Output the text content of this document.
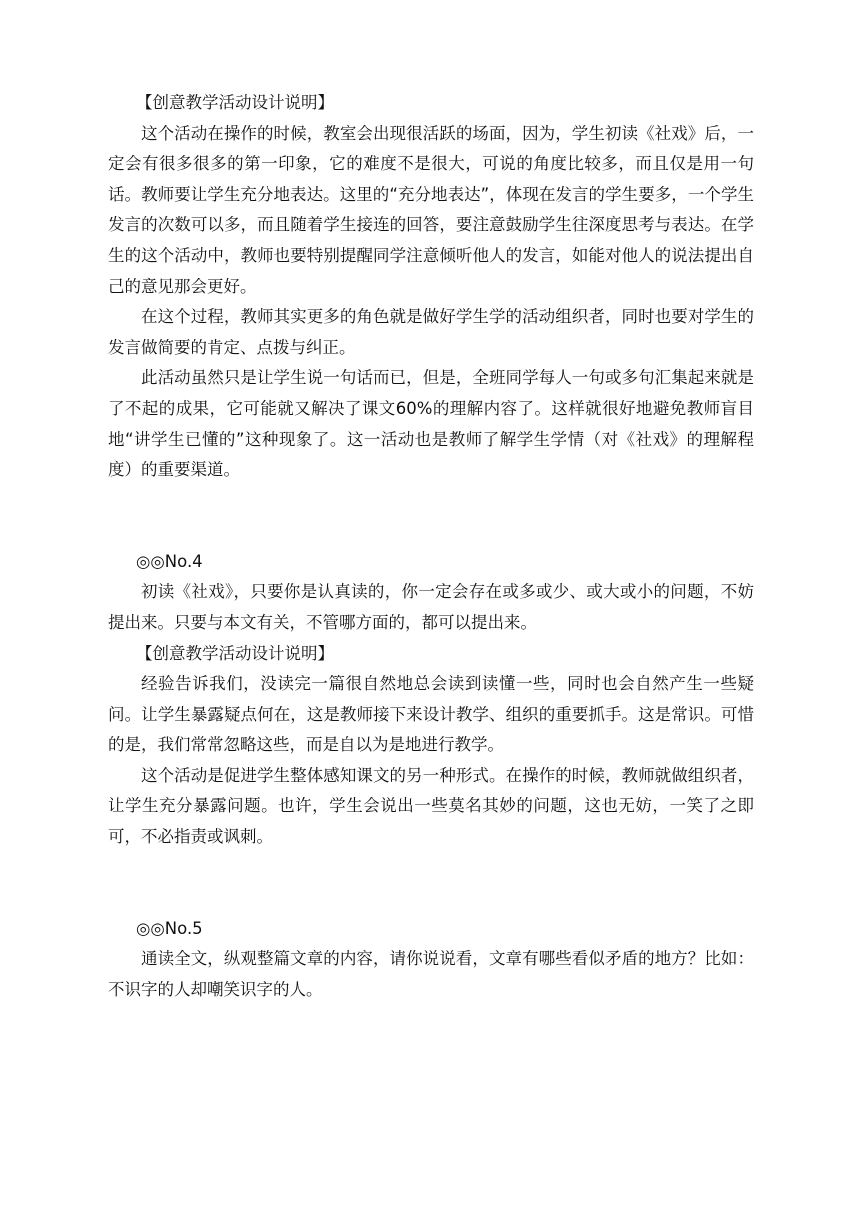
【创意教学活动设计说明】

这个活动在操作的时候，教室会出现很活跃的场面，因为，学生初读《社戏》后，一定会有很多很多的第一印象，它的难度不是很大，可说的角度比较多，而且仅是用一句话。教师要让学生充分地表达。这里的“充分地表达”，体现在发言的学生要多，一个学生发言的次数可以多，而且随着学生接连的回答，要注意鼓励学生往深度思考与表达。在学生的这个活动中，教师也要特别提醒同学注意倾听他人的发言，如能对他人的说法提出自己的意见那会更好。

在这个过程，教师其实更多的角色就是做好学生学的活动组织者，同时也要对学生的发言做简要的肯定、点拨与纠正。

此活动虽然只是让学生说一句话而已，但是，全班同学每人一句或多句汇集起来就是了不起的成果，它可能就又解决了课文60%的理解内容了。这样就很好地避免教师盲目地“讲学生已懂的”这种现象了。这一活动也是教师了解学生学情（对《社戏》的理解程度）的重要渠道。

◎◎No.4

初读《社戏》，只要你是认真读的，你一定会存在或多或少、或大或小的问题，不妨提出来。只要与本文有关，不管哪方面的，都可以提出来。

【创意教学活动设计说明】

经验告诉我们，没读完一篇很自然地总会读到读懂一些，同时也会自然产生一些疑问。让学生暴露疑点何在，这是教师接下来设计教学、组织的重要抓手。这是常识。可惜的是，我们常常忽略这些，而是自以为是地进行教学。

这个活动是促进学生整体感知课文的另一种形式。在操作的时候，教师就做组织者，让学生充分暴露问题。也许，学生会说出一些莫名其妙的问题，这也无妨，一笑了之即可，不必指责或讽刺。

◎◎No.5

通读全文，纵观整篇文章的内容，请你说说看，文章有哪些看似矛盾的地方？比如：不识字的人却嘲笑识字的人。
